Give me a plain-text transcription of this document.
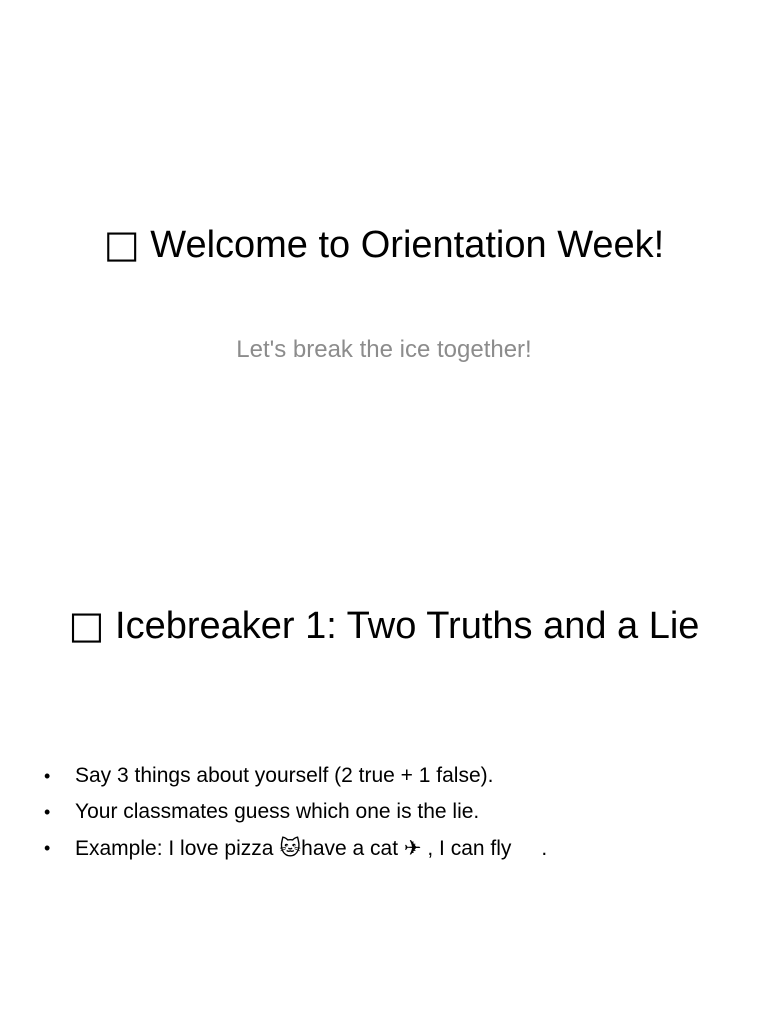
□ Welcome to Orientation Week!
Let's break the ice together!
□ Icebreaker 1: Two Truths and a Lie
• Say 3 things about yourself (2 true + 1 false).
• Your classmates guess which one is the lie.
• Example: I love pizza 🐱have a cat ✈ , I can fly .
